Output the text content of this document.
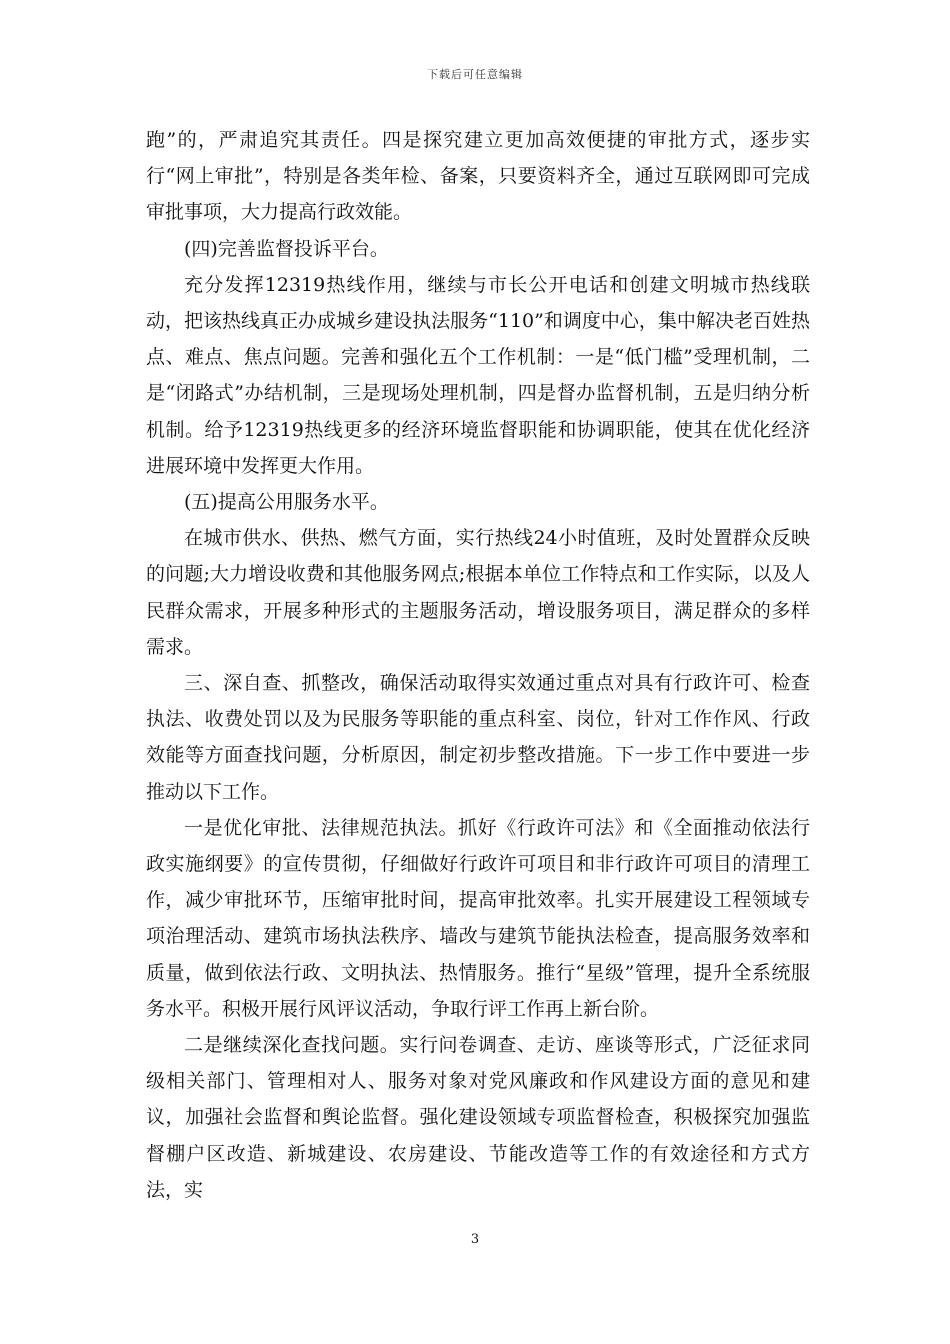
下载后可任意编辑

跑”的，严肃追究其责任。四是探究建立更加高效便捷的审批方式，逐步实行“网上审批”，特别是各类年检、备案，只要资料齐全，通过互联网即可完成审批事项，大力提高行政效能。

(四)完善监督投诉平台。

充分发挥12319热线作用，继续与市长公开电话和创建文明城市热线联动，把该热线真正办成城乡建设执法服务“110”和调度中心，集中解决老百姓热点、难点、焦点问题。完善和强化五个工作机制：一是“低门槛”受理机制，二是“闭路式”办结机制，三是现场处理机制，四是督办监督机制，五是归纳分析机制。给予12319热线更多的经济环境监督职能和协调职能，使其在优化经济进展环境中发挥更大作用。

(五)提高公用服务水平。

在城市供水、供热、燃气方面，实行热线24小时值班，及时处置群众反映的问题;大力增设收费和其他服务网点;根据本单位工作特点和工作实际，以及人民群众需求，开展多种形式的主题服务活动，增设服务项目，满足群众的多样需求。

三、深自查、抓整改，确保活动取得实效通过重点对具有行政许可、检查执法、收费处罚以及为民服务等职能的重点科室、岗位，针对工作作风、行政效能等方面查找问题，分析原因，制定初步整改措施。下一步工作中要进一步推动以下工作。

一是优化审批、法律规范执法。抓好《行政许可法》和《全面推动依法行政实施纲要》的宣传贯彻，仔细做好行政许可项目和非行政许可项目的清理工作，减少审批环节，压缩审批时间，提高审批效率。扎实开展建设工程领域专项治理活动、建筑市场执法秩序、墙改与建筑节能执法检查，提高服务效率和质量，做到依法行政、文明执法、热情服务。推行“星级”管理，提升全系统服务水平。积极开展行风评议活动，争取行评工作再上新台阶。

二是继续深化查找问题。实行问卷调查、走访、座谈等形式，广泛征求同级相关部门、管理相对人、服务对象对党风廉政和作风建设方面的意见和建议，加强社会监督和舆论监督。强化建设领域专项监督检查，积极探究加强监督棚户区改造、新城建设、农房建设、节能改造等工作的有效途径和方式方法，实

3
